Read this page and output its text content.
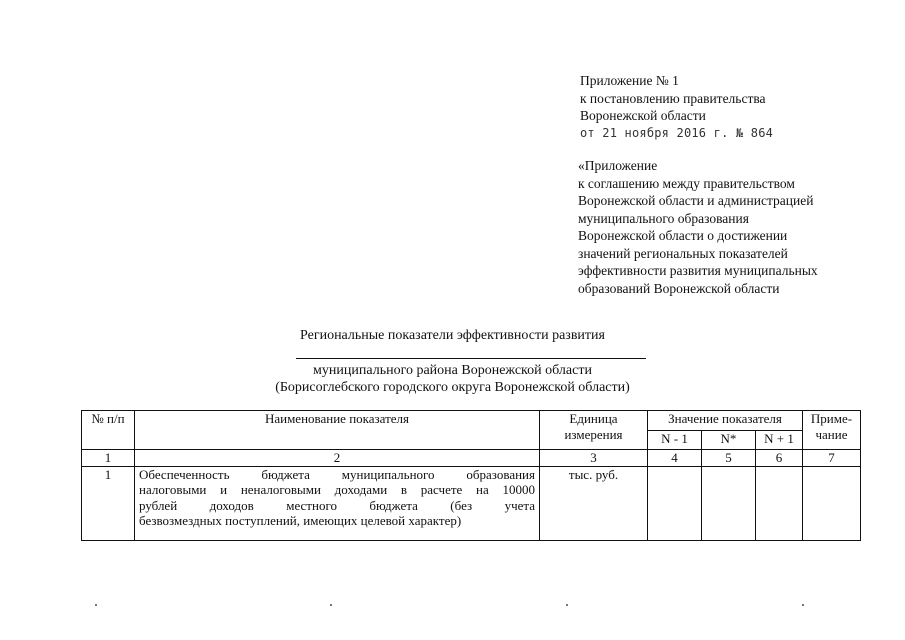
Приложение № 1
к постановлению правительства
Воронежской области
от 21 ноября 2016 г. № 864
«Приложение
к соглашению между правительством
Воронежской области и администрацией
муниципального образования
Воронежской области о достижении
значений региональных показателей
эффективности развития муниципальных
образований Воронежской области
Региональные показатели эффективности развития
муниципального района Воронежской области
(Борисоглебского городского округа Воронежской области)
№ п/п	Наименование показателя	Единица измерения	Значение показателя			Приме- чание
			N - 1	N*	N + 1	
1	2	3	4	5	6	7
1	Обеспеченность бюджета муниципального образования
налоговыми и неналоговыми доходами в расчете на 10000
рублей доходов местного бюджета (без учета
безвозмездных поступлений, имеющих целевой характер)	тыс. руб.				
